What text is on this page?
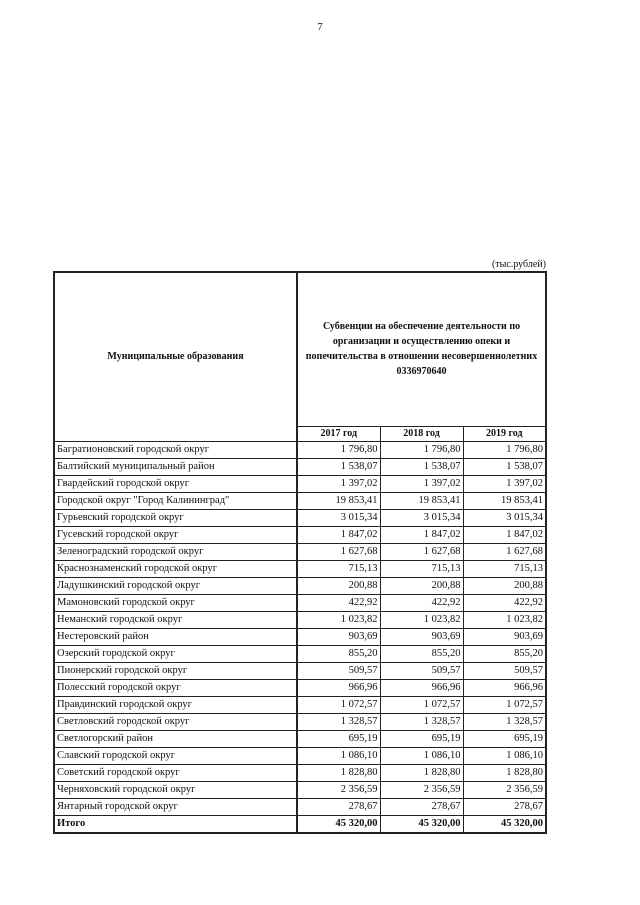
7
(тыс.рублей)
Муниципальные образования	Субвенции на обеспечение деятельности по организации и осуществлению опеки и попечительства в отношении несовершеннолетних 0336970640		
	2017 год	2018 год	2019 год
Багратионовский городской округ	1 796,80	1 796,80	1 796,80
Балтийский муниципальный район	1 538,07	1 538,07	1 538,07
Гвардейский городской округ	1 397,02	1 397,02	1 397,02
Городской округ "Город Калининград"	19 853,41	19 853,41	19 853,41
Гурьевский городской округ	3 015,34	3 015,34	3 015,34
Гусевский городской округ	1 847,02	1 847,02	1 847,02
Зеленоградский городской округ	1 627,68	1 627,68	1 627,68
Краснознаменский городской округ	715,13	715,13	715,13
Ладушкинский городской округ	200,88	200,88	200,88
Мамоновский городской округ	422,92	422,92	422,92
Неманский городской округ	1 023,82	1 023,82	1 023,82
Нестеровский район	903,69	903,69	903,69
Озерский городской округ	855,20	855,20	855,20
Пионерский городской округ	509,57	509,57	509,57
Полесский городской округ	966,96	966,96	966,96
Правдинский городской округ	1 072,57	1 072,57	1 072,57
Светловский городской округ	1 328,57	1 328,57	1 328,57
Светлогорский район	695,19	695,19	695,19
Славский городской округ	1 086,10	1 086,10	1 086,10
Советский городской округ	1 828,80	1 828,80	1 828,80
Черняховский городской округ	2 356,59	2 356,59	2 356,59
Янтарный городской округ	278,67	278,67	278,67
Итого	45 320,00	45 320,00	45 320,00
